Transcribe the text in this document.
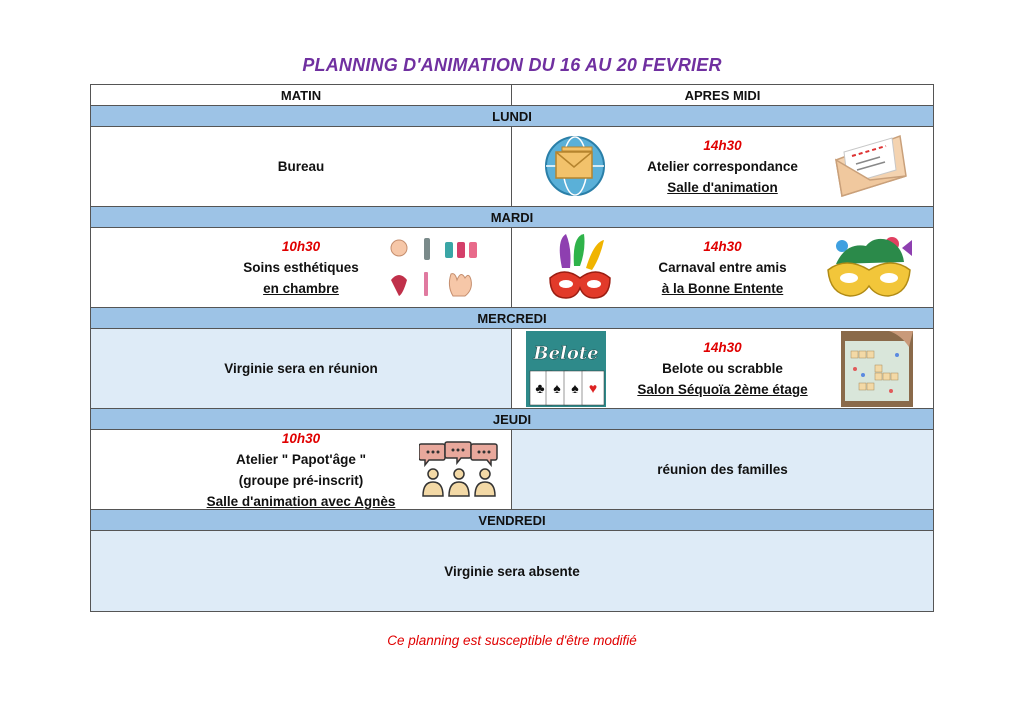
PLANNING D'ANIMATION DU 16 AU 20 FEVRIER
MATIN	APRES MIDI
LUNDI
Bureau
14h30
Atelier correspondance
Salle d'animation
MARDI
10h30
Soins esthétiques
en chambre
14h30
Carnaval entre amis
à la Bonne Entente
MERCREDI
Virginie sera en réunion
14h30
Belote ou scrabble
Salon Séquoïa 2ème étage
Belote
♣ ♠ ♠ ♥
JEUDI
10h30
Atelier " Papot'âge "
(groupe pré-inscrit)
Salle d'animation avec Agnès
réunion des familles
VENDREDI
Virginie sera absente
Ce planning est susceptible d'être modifié
